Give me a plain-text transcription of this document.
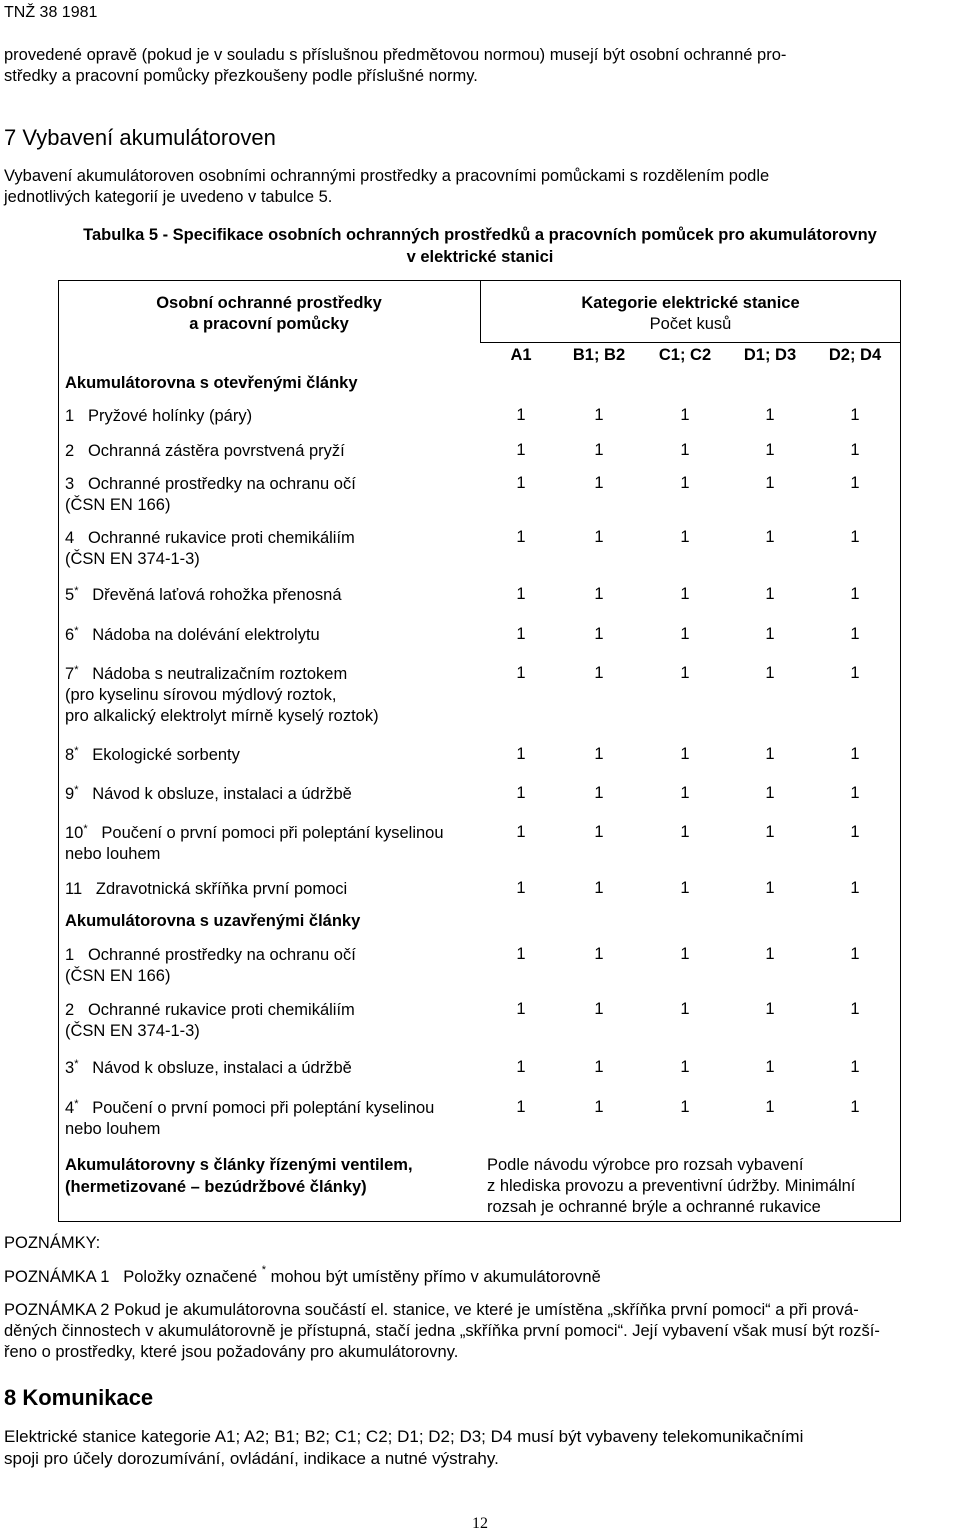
TNŽ 38 1981
provedené opravě (pokud je v souladu s příslušnou předmětovou normou) musejí být osobní ochranné pro-
středky a pracovní pomůcky přezkoušeny podle příslušné normy.
7 Vybavení akumulátoroven
Vybavení akumulátoroven osobními ochrannými prostředky a pracovními pomůckami s rozdělením podle
jednotlivých kategorií je uvedeno v tabulce 5.
Tabulka 5 - Specifikace osobních ochranných prostředků a pracovních pomůcek pro akumulátorovny
v elektrické stanici
Osobní ochranné prostředky
a pracovní pomůcky
Kategorie elektrické stanice
Počet kusů
A1	B1; B2	C1; C2	D1; D3	D2; D4
Akumulátorovna s otevřenými články
1 Pryžové holínky (páry)	1	1	1	1	1
2 Ochranná zástěra povrstvená pryží	1	1	1	1	1
3 Ochranné prostředky na ochranu očí
(ČSN EN 166)
1	1	1	1	1
4 Ochranné rukavice proti chemikáliím
(ČSN EN 374-1-3)
1	1	1	1	1
5* Dřevěná laťová rohožka přenosná	1	1	1	1	1
6* Nádoba na dolévání elektrolytu	1	1	1	1	1
7* Nádoba s neutralizačním roztokem
(pro kyselinu sírovou mýdlový roztok,
pro alkalický elektrolyt mírně kyselý roztok)
1	1	1	1	1
8* Ekologické sorbenty	1	1	1	1	1
9* Návod k obsluze, instalaci a údržbě	1	1	1	1	1
10* Poučení o první pomoci při poleptání kyselinou
nebo louhem
1	1	1	1	1
11 Zdravotnická skříňka první pomoci	1	1	1	1	1
Akumulátorovna s uzavřenými články
1 Ochranné prostředky na ochranu očí
(ČSN EN 166)
1	1	1	1	1
2 Ochranné rukavice proti chemikáliím
(ČSN EN 374-1-3)
1	1	1	1	1
3* Návod k obsluze, instalaci a údržbě	1	1	1	1	1
4* Poučení o první pomoci při poleptání kyselinou
nebo louhem
1	1	1	1	1
Akumulátorovny s články řízenými ventilem,
(hermetizované – bezúdržbové články)
Podle návodu výrobce pro rozsah vybavení
z hlediska provozu a preventivní údržby. Minimální
rozsah je ochranné brýle a ochranné rukavice
POZNÁMKY:
POZNÁMKA 1 Položky označené * mohou být umístěny přímo v akumulátorovně
POZNÁMKA 2 Pokud je akumulátorovna součástí el. stanice, ve které je umístěna „skříňka první pomoci“ a při prová-
děných činnostech v akumulátorovně je přístupná, stačí jedna „skříňka první pomoci“. Její vybavení však musí být rozší-
řeno o prostředky, které jsou požadovány pro akumulátorovny.
8 Komunikace
Elektrické stanice kategorie A1; A2; B1; B2; C1; C2; D1; D2; D3; D4 musí být vybaveny telekomunikačními
spoji pro účely dorozumívání, ovládání, indikace a nutné výstrahy.
12
